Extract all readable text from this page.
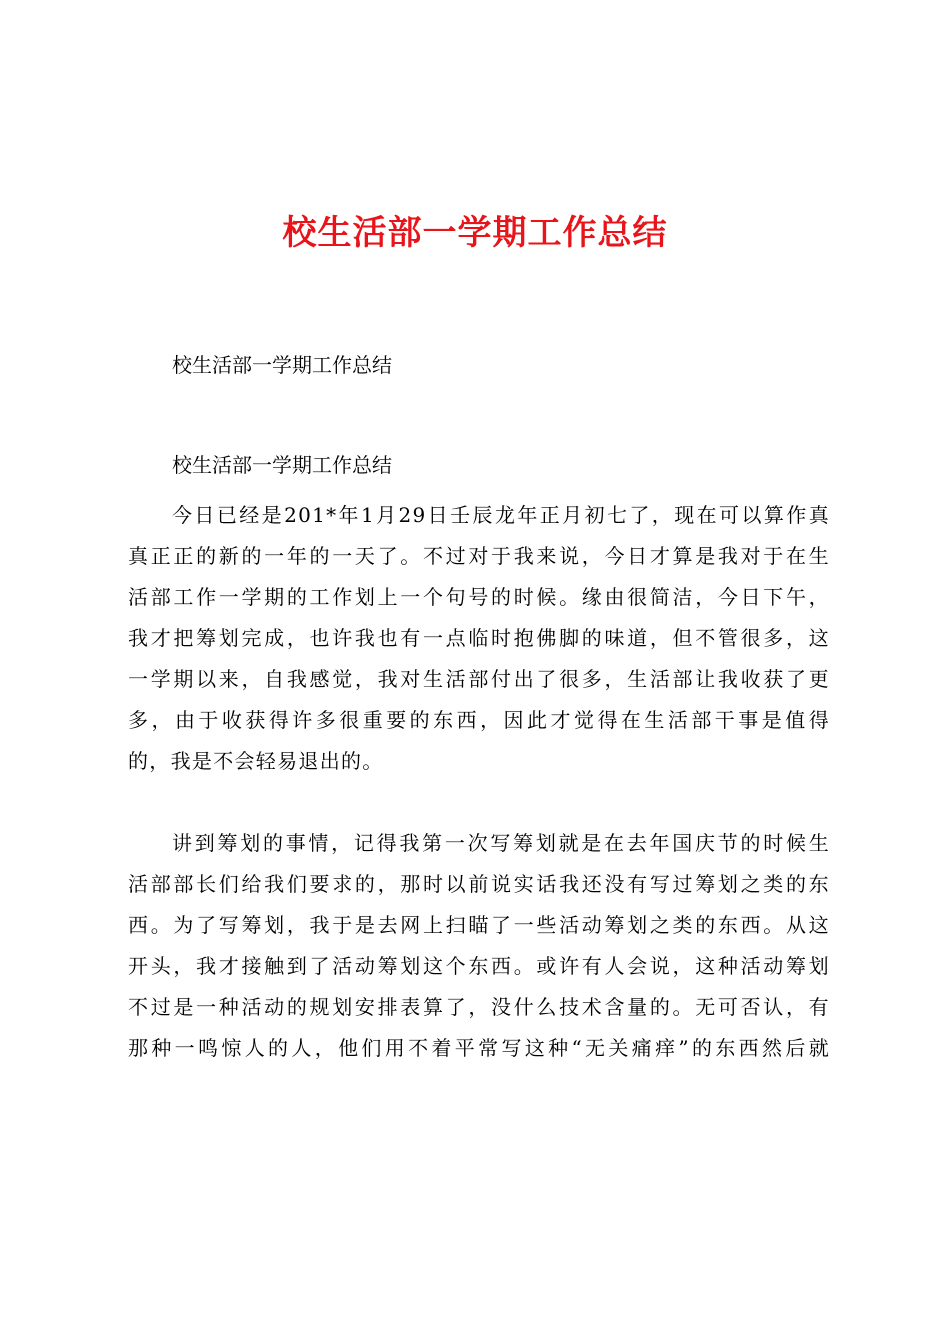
校生活部一学期工作总结
校生活部一学期工作总结
校生活部一学期工作总结
今日已经是201*年1月29日壬辰龙年正月初七了，现在可以算作真
真正正的新的一年的一天了。不过对于我来说，今日才算是我对于在生
活部工作一学期的工作划上一个句号的时候。缘由很简洁，今日下午，
我才把筹划完成，也许我也有一点临时抱佛脚的味道，但不管很多，这
一学期以来，自我感觉，我对生活部付出了很多，生活部让我收获了更
多，由于收获得许多很重要的东西，因此才觉得在生活部干事是值得
的，我是不会轻易退出的。
讲到筹划的事情，记得我第一次写筹划就是在去年国庆节的时候生
活部部长们给我们要求的，那时以前说实话我还没有写过筹划之类的东
西。为了写筹划，我于是去网上扫瞄了一些活动筹划之类的东西。从这
开头，我才接触到了活动筹划这个东西。或许有人会说，这种活动筹划
不过是一种活动的规划安排表算了，没什么技术含量的。无可否认，有
那种一鸣惊人的人，他们用不着平常写这种“无关痛痒”的东西然后就
